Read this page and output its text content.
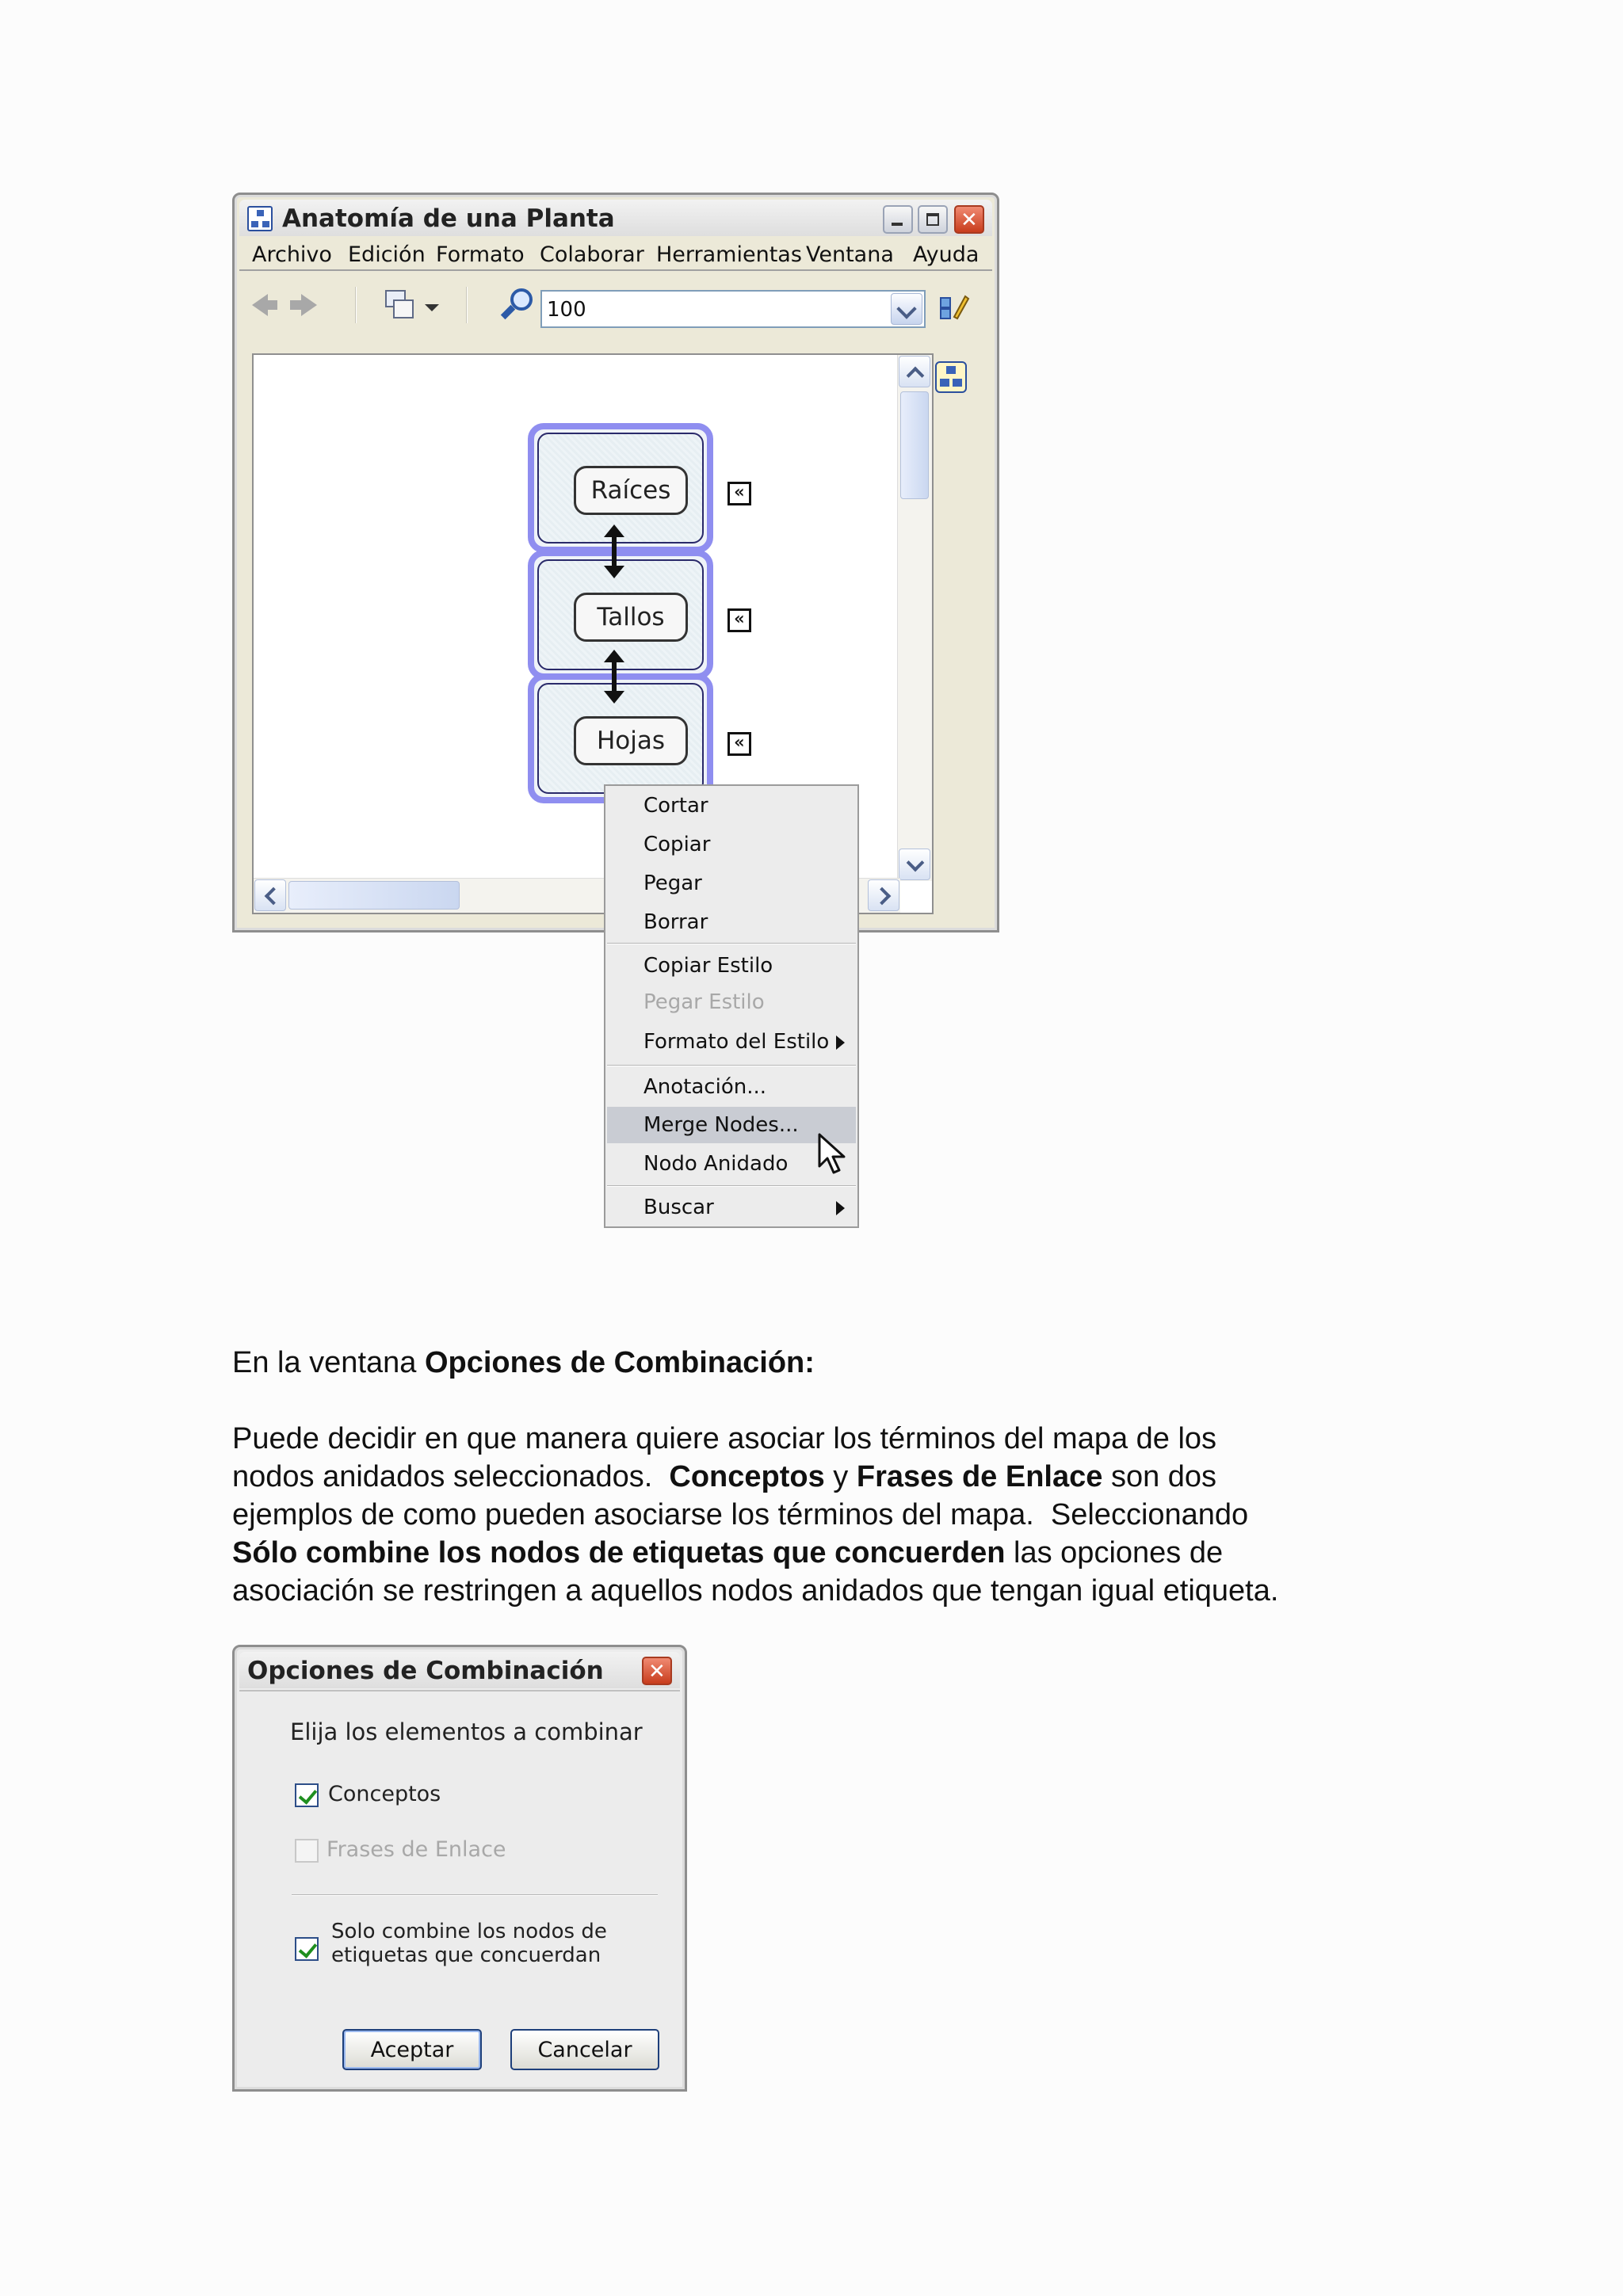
Anatomía de una Planta	✕
Archivo Edición Formato Colaborar Herramientas Ventana Ayuda
100
Raíces	«
Tallos	«
Hojas	«
Cortar
Copiar
Pegar
Borrar
Copiar Estilo
Pegar Estilo
Formato del Estilo
Anotación...
Merge Nodes...
Nodo Anidado
Buscar
En la ventana Opciones de Combinación:
Puede decidir en que manera quiere asociar los términos del mapa de los
nodos anidados seleccionados.  Conceptos y Frases de Enlace son dos
ejemplos de como pueden asociarse los términos del mapa.  Seleccionando
Sólo combine los nodos de etiquetas que concuerden las opciones de
asociación se restringen a aquellos nodos anidados que tengan igual etiqueta.
Opciones de Combinación ✕
Elija los elementos a combinar
Conceptos
Frases de Enlace
Solo combine los nodos de
etiquetas que concuerdan
Aceptar	Cancelar
